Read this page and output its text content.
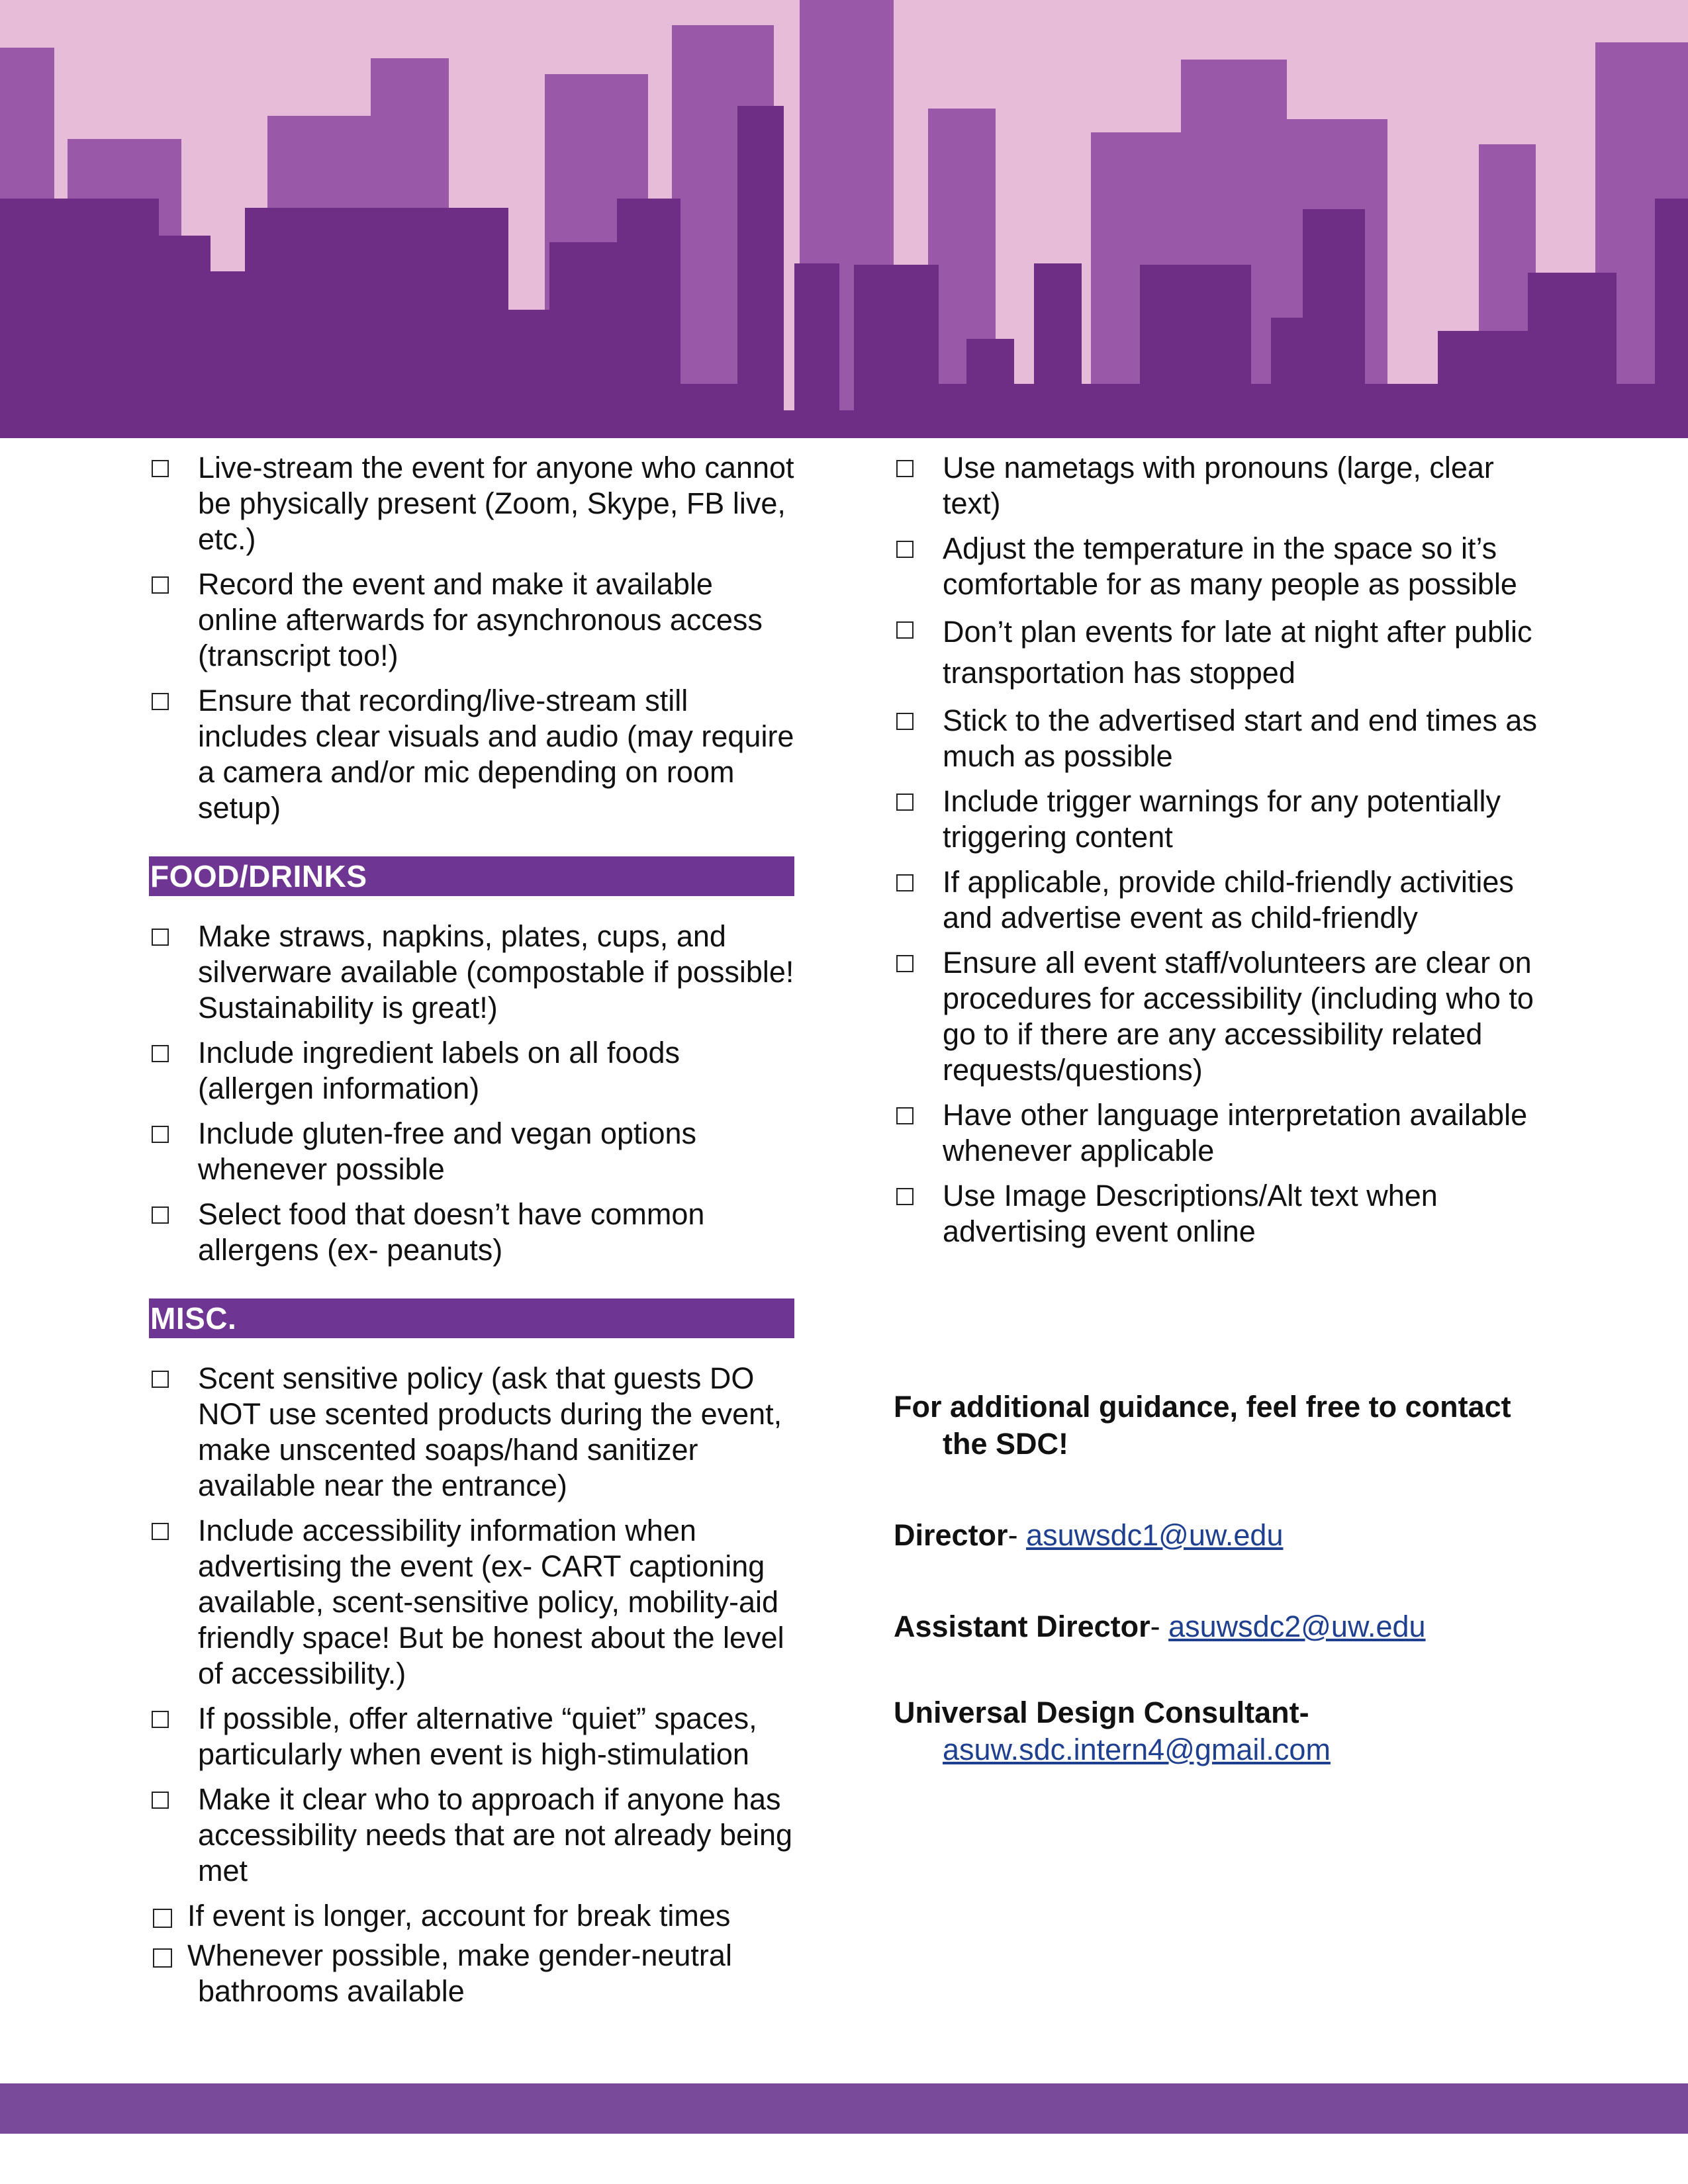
Live-stream the event for anyone who cannot be physically present (Zoom, Skype, FB live, etc.)
Record the event and make it available online afterwards for asynchronous access (transcript too!)
Ensure that recording/live-stream still includes clear visuals and audio (may require a camera and/or mic depending on room setup)
FOOD/DRINKS
Make straws, napkins, plates, cups, and silverware available (compostable if possible! Sustainability is great!)
Include ingredient labels on all foods (allergen information)
Include gluten-free and vegan options whenever possible
Select food that doesn’t have common allergens (ex- peanuts)
MISC.
Scent sensitive policy (ask that guests DO NOT use scented products during the event, make unscented soaps/hand sanitizer available near the entrance)
Include accessibility information when advertising the event (ex- CART captioning available, scent-sensitive policy, mobility-aid friendly space! But be honest about the level of accessibility.)
If possible, offer alternative “quiet” spaces, particularly when event is high-stimulation
Make it clear who to approach if anyone has accessibility needs that are not already being met
If event is longer, account for break times
Whenever possible, make gender-neutral
bathrooms available
Use nametags with pronouns (large, clear text)
Adjust the temperature in the space so it’s comfortable for as many people as possible
Don’t plan events for late at night after public transportation has stopped
Stick to the advertised start and end times as much as possible
Include trigger warnings for any potentially triggering content
If applicable, provide child-friendly activities and advertise event as child-friendly
Ensure all event staff/volunteers are clear on procedures for accessibility (including who to go to if there are any accessibility related requests/questions)
Have other language interpretation available whenever applicable
Use Image Descriptions/Alt text when advertising event online
For additional guidance, feel free to contact
the SDC!
Director- asuwsdc1@uw.edu
Assistant Director- asuwsdc2@uw.edu
Universal Design Consultant-
asuw.sdc.intern4@gmail.com
